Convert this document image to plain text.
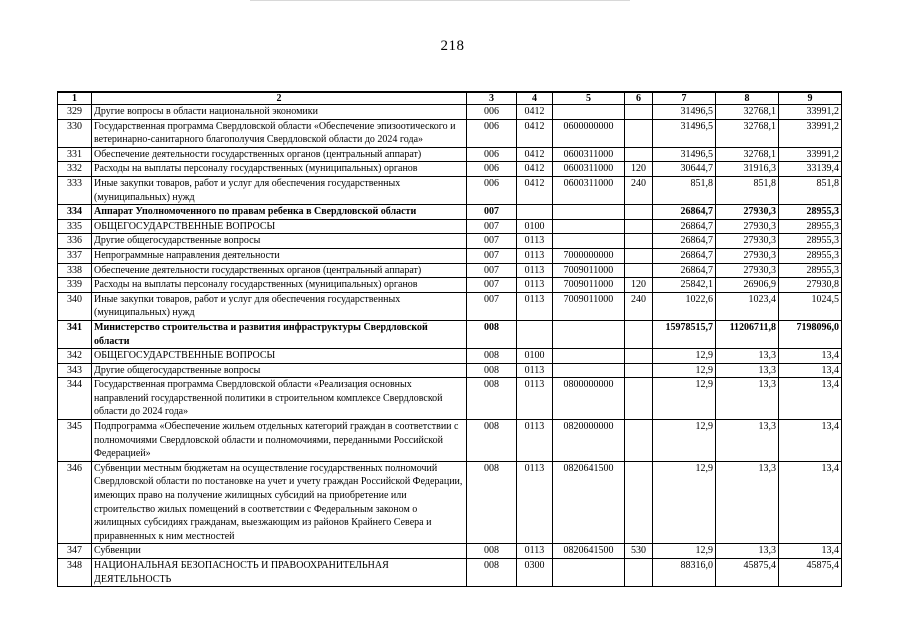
218
1	2	3	4	5	6	7	8	9
329	Другие вопросы в области национальной экономики	006	0412			31496,5	32768,1	33991,2
330	Государственная программа Свердловской области «Обеспечение эпизоотического и ветеринарно-санитарного благополучия Свердловской области до 2024 года»	006	0412	0600000000		31496,5	32768,1	33991,2
331	Обеспечение деятельности государственных органов (центральный аппарат)	006	0412	0600311000		31496,5	32768,1	33991,2
332	Расходы на выплаты персоналу государственных (муниципальных) органов	006	0412	0600311000	120	30644,7	31916,3	33139,4
333	Иные закупки товаров, работ и услуг для обеспечения государственных (муниципальных) нужд	006	0412	0600311000	240	851,8	851,8	851,8
334	Аппарат Уполномоченного по правам ребенка в Свердловской области	007				26864,7	27930,3	28955,3
335	ОБЩЕГОСУДАРСТВЕННЫЕ ВОПРОСЫ	007	0100			26864,7	27930,3	28955,3
336	Другие общегосударственные вопросы	007	0113			26864,7	27930,3	28955,3
337	Непрограммные направления деятельности	007	0113	7000000000		26864,7	27930,3	28955,3
338	Обеспечение деятельности государственных органов (центральный аппарат)	007	0113	7009011000		26864,7	27930,3	28955,3
339	Расходы на выплаты персоналу государственных (муниципальных) органов	007	0113	7009011000	120	25842,1	26906,9	27930,8
340	Иные закупки товаров, работ и услуг для обеспечения государственных (муниципальных) нужд	007	0113	7009011000	240	1022,6	1023,4	1024,5
341	Министерство строительства и развития инфраструктуры Свердловской области	008				15978515,7	11206711,8	7198096,0
342	ОБЩЕГОСУДАРСТВЕННЫЕ ВОПРОСЫ	008	0100			12,9	13,3	13,4
343	Другие общегосударственные вопросы	008	0113			12,9	13,3	13,4
344	Государственная программа Свердловской области «Реализация основных направлений государственной политики в строительном комплексе Свердловской области до 2024 года»	008	0113	0800000000		12,9	13,3	13,4
345	Подпрограмма «Обеспечение жильем отдельных категорий граждан в соответствии с полномочиями Свердловской области и полномочиями, переданными Российской Федерацией»	008	0113	0820000000		12,9	13,3	13,4
346	Субвенции местным бюджетам на осуществление государственных полномочий Свердловской области по постановке на учет и учету граждан Российской Федерации, имеющих право на получение жилищных субсидий на приобретение или строительство жилых помещений в соответствии с Федеральным законом о жилищных субсидиях гражданам, выезжающим из районов Крайнего Севера и приравненных к ним местностей	008	0113	0820641500		12,9	13,3	13,4
347	Субвенции	008	0113	0820641500	530	12,9	13,3	13,4
348	НАЦИОНАЛЬНАЯ БЕЗОПАСНОСТЬ И ПРАВООХРАНИТЕЛЬНАЯ ДЕЯТЕЛЬНОСТЬ	008	0300			88316,0	45875,4	45875,4
